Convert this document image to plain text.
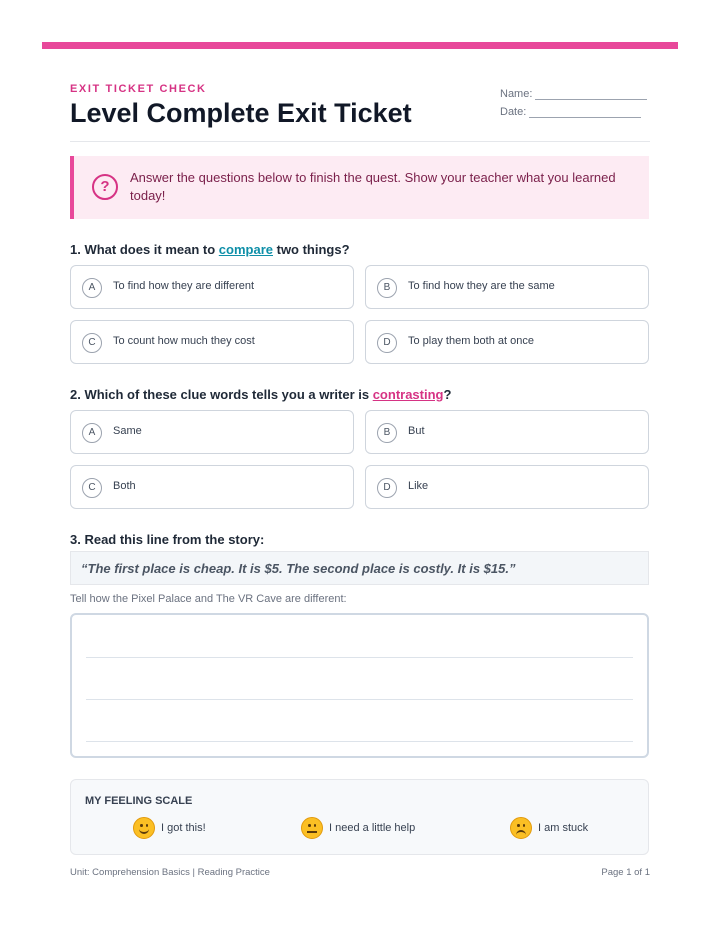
EXIT TICKET CHECK
Level Complete Exit Ticket
Name:
Date:
?
Answer the questions below to finish the quest. Show your teacher what you learned today!
1. What does it mean to compare two things?
A	To find how they are different	B	To find how they are the same
C	To count how much they cost	D	To play them both at once
2. Which of these clue words tells you a writer is contrasting?
A	Same	B	But
C	Both	D	Like
3. Read this line from the story:
“The first place is cheap. It is $5. The second place is costly. It is $15.”
Tell how the Pixel Palace and The VR Cave are different:
MY FEELING SCALE
I got this!	I need a little help	I am stuck
Unit: Comprehension Basics | Reading Practice	Page 1 of 1
